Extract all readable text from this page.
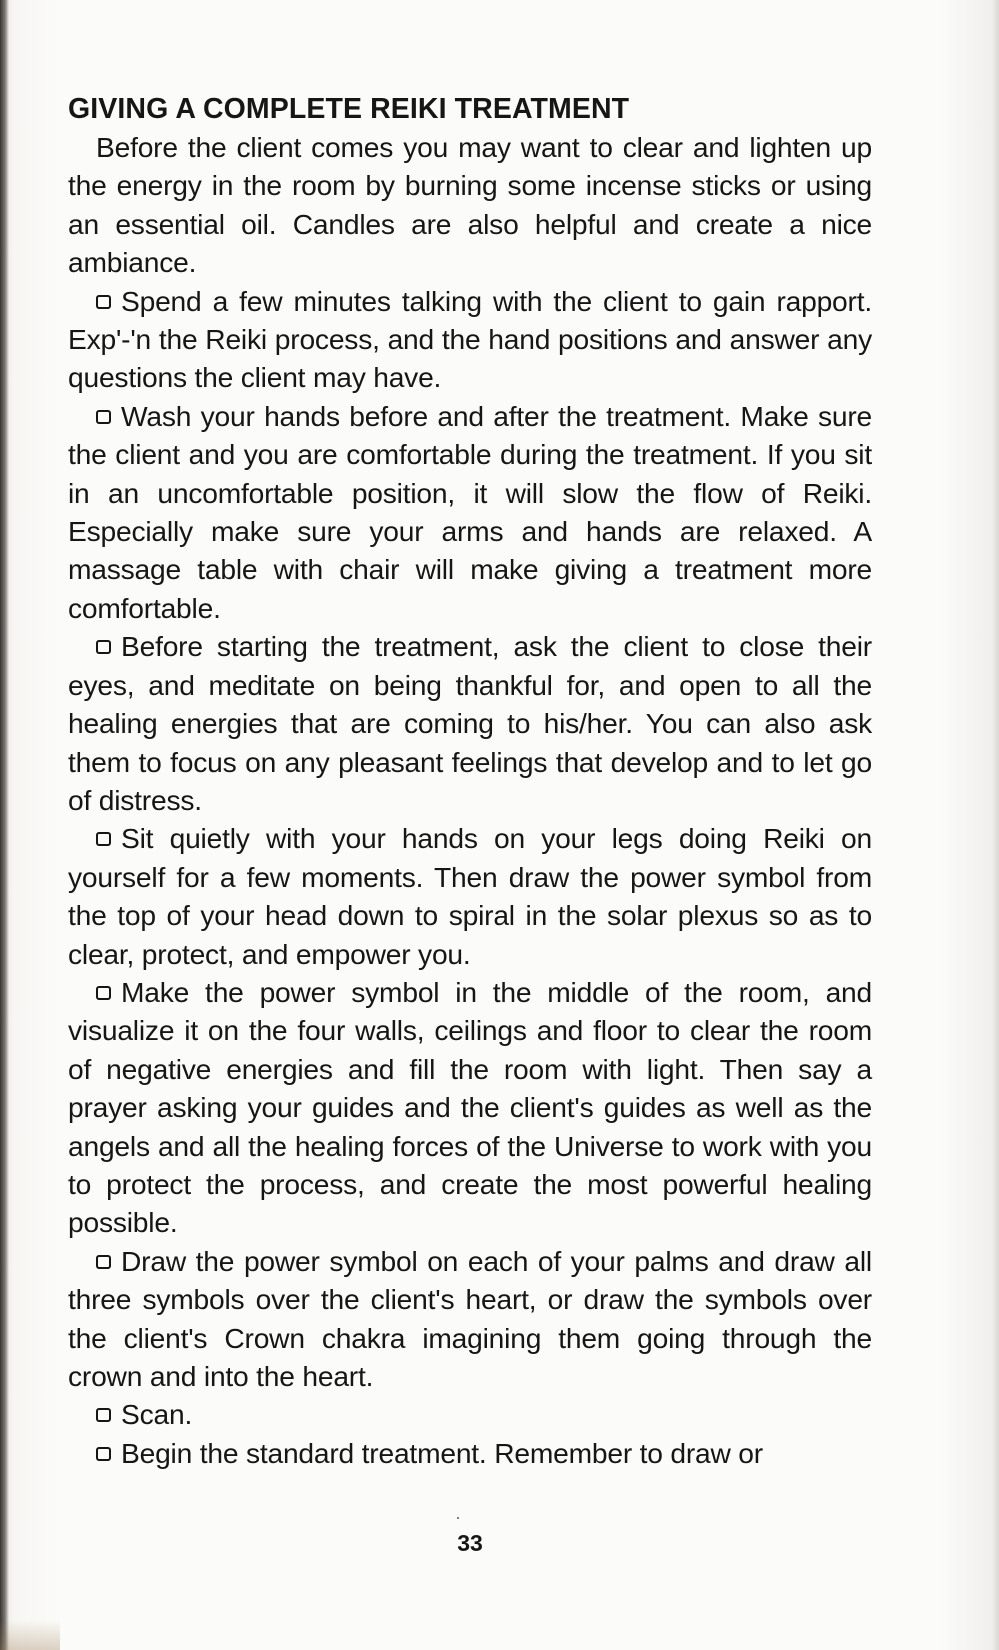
GIVING A COMPLETE REIKI TREATMENT

Before the client comes you may want to clear and lighten up the energy in the room by burning some incense sticks or using an essential oil. Candles are also helpful and create a nice ambiance.

Spend a few minutes talking with the client to gain rapport. Exp'-'n the Reiki process, and the hand positions and answer any questions the client may have.

Wash your hands before and after the treatment. Make sure the client and you are comfortable during the treatment. If you sit in an uncomfortable position, it will slow the flow of Reiki. Especially make sure your arms and hands are relaxed. A massage table with chair will make giving a treatment more comfortable.

Before starting the treatment, ask the client to close their eyes, and meditate on being thankful for, and open to all the healing energies that are coming to his/her. You can also ask them to focus on any pleasant feelings that develop and to let go of distress.

Sit quietly with your hands on your legs doing Reiki on yourself for a few moments. Then draw the power symbol from the top of your head down to spiral in the solar plexus so as to clear, protect, and empower you.

Make the power symbol in the middle of the room, and visualize it on the four walls, ceilings and floor to clear the room of negative energies and fill the room with light. Then say a prayer asking your guides and the client's guides as well as the angels and all the healing forces of the Universe to work with you to protect the process, and create the most powerful healing possible.

Draw the power symbol on each of your palms and draw all three symbols over the client's heart, or draw the symbols over the client's Crown chakra imagining them going through the crown and into the heart.

Scan.

Begin the standard treatment. Remember to draw or

33
